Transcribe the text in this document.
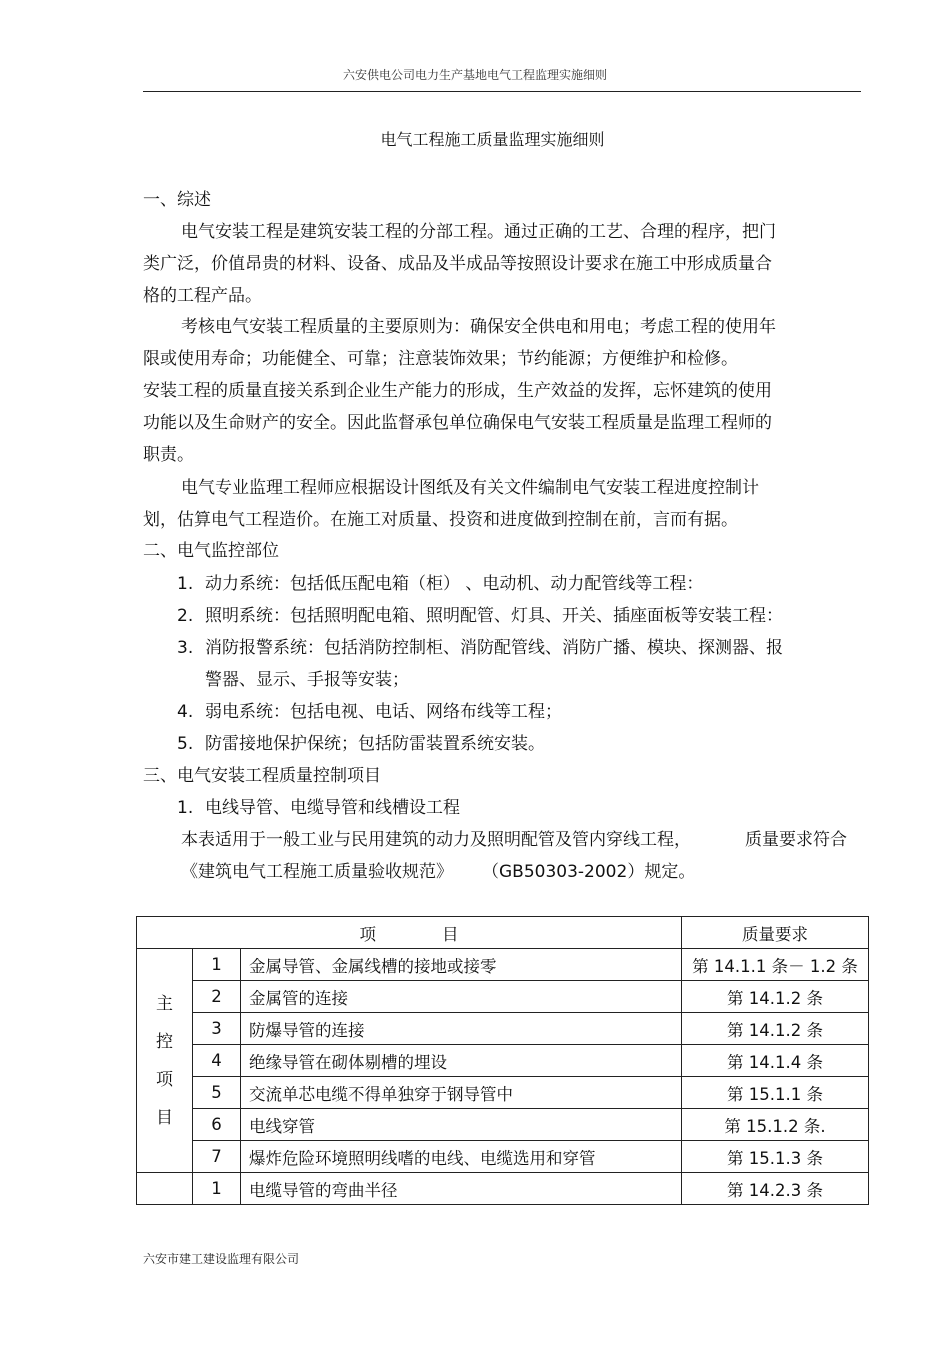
六安供电公司电力生产基地电气工程监理实施细则
电气工程施工质量监理实施细则
一、综述
电气安装工程是建筑安装工程的分部工程。通过正确的工艺、合理的程序，把门
类广泛，价值昂贵的材料、设备、成品及半成品等按照设计要求在施工中形成质量合
格的工程产品。
考核电气安装工程质量的主要原则为：确保安全供电和用电；考虑工程的使用年
限或使用寿命；功能健全、可靠；注意装饰效果；节约能源；方便维护和检修。
安装工程的质量直接关系到企业生产能力的形成，生产效益的发挥，忘怀建筑的使用
功能以及生命财产的安全。因此监督承包单位确保电气安装工程质量是监理工程师的
职责。
电气专业监理工程师应根据设计图纸及有关文件编制电气安装工程进度控制计
划，估算电气工程造价。在施工对质量、投资和进度做到控制在前，言而有据。
二、电气监控部位
1. 动力系统：包括低压配电箱（柜） 、电动机、动力配管线等工程：
2. 照明系统：包括照明配电箱、照明配管、灯具、开关、插座面板等安装工程：
3. 消防报警系统：包括消防控制柜、消防配管线、消防广播、模块、探测器、报
警器、显示、手报等安装；
4. 弱电系统：包括电视、电话、网络布线等工程；
5. 防雷接地保护保统；包括防雷装置系统安装。
三、电气安装工程质量控制项目
1. 电线导管、电缆导管和线槽设工程
本表适用于一般工业与民用建筑的动力及照明配管及管内穿线工程，	质量要求符合
《建筑电气工程施工质量验收规范》 （GB50303-2002）规定。
项 目			质量要求

主
控
项
目	1	金属导管、金属线槽的接地或接零	第 14.1.1 条－ 1.2 条
	2	金属管的连接	第 14.1.2 条
	3	防爆导管的连接	第 14.1.2 条
	4	绝缘导管在砌体剔槽的埋设	第 14.1.4 条
	5	交流单芯电缆不得单独穿于钢导管中	第 15.1.1 条
	6	电线穿管	第 15.1.2 条.
	7	爆炸危险环境照明线嗜的电线、电缆选用和穿管	第 15.1.3 条
	1	电缆导管的弯曲半径	第 14.2.3 条
六安市建工建设监理有限公司
